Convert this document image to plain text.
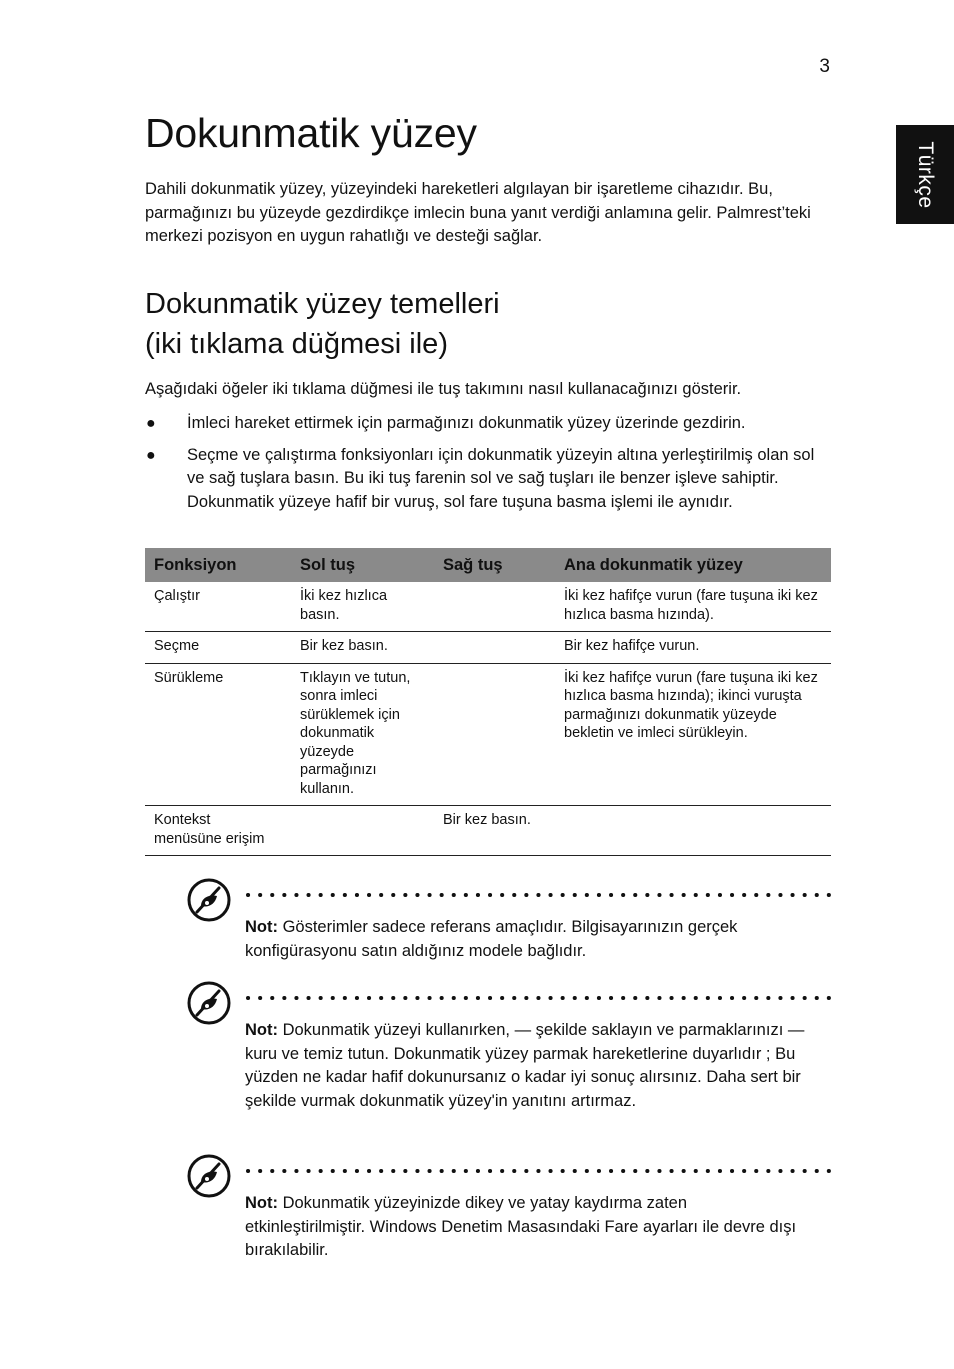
3
Türkçe
Dokunmatik yüzey

Dahili dokunmatik yüzey, yüzeyindeki hareketleri algılayan bir işaretleme cihazıdır. Bu, parmağınızı bu yüzeyde gezdirdikçe imlecin buna yanıt verdiği anlamına gelir. Palmrest’teki merkezi pozisyon en uygun rahatlığı ve desteği sağlar.

Dokunmatik yüzey temelleri
(iki tıklama düğmesi ile)

Aşağıdaki öğeler iki tıklama düğmesi ile tuş takımını nasıl kullanacağınızı gösterir.

● İmleci hareket ettirmek için parmağınızı dokunmatik yüzey üzerinde gezdirin.
● Seçme ve çalıştırma fonksiyonları için dokunmatik yüzeyin altına yerleştirilmiş olan sol ve sağ tuşlara basın. Bu iki tuş farenin sol ve sağ tuşları ile benzer işleve sahiptir. Dokunmatik yüzeye hafif bir vuruş, sol fare tuşuna basma işlemi ile aynıdır.
Fonksiyon	Sol tuş	Sağ tuş	Ana dokunmatik yüzey
Çalıştır	İki kez hızlıca basın.		İki kez hafifçe vurun (fare tuşuna iki kez hızlıca basma hızında).
Seçme	Bir kez basın.		Bir kez hafifçe vurun.
Sürükleme	Tıklayın ve tutun, sonra imleci sürüklemek için dokunmatik yüzeyde parmağınızı kullanın.		İki kez hafifçe vurun (fare tuşuna iki kez hızlıca basma hızında); ikinci vuruşta parmağınızı dokunmatik yüzeyde bekletin ve imleci sürükleyin.
Kontekst menüsüne erişim		Bir kez basın.	

Not: Gösterimler sadece referans amaçlıdır. Bilgisayarınızın gerçek konfigürasyonu satın aldığınız modele bağlıdır.

Not: Dokunmatik yüzeyi kullanırken, — şekilde saklayın ve parmaklarınızı — kuru ve temiz tutun. Dokunmatik yüzey parmak hareketlerine duyarlıdır ; Bu yüzden ne kadar hafif dokunursanız o kadar iyi sonuç alırsınız. Daha sert bir şekilde vurmak dokunmatik yüzey'in yanıtını artırmaz.

Not: Dokunmatik yüzeyinizde dikey ve yatay kaydırma zaten etkinleştirilmiştir. Windows Denetim Masasındaki Fare ayarları ile devre dışı bırakılabilir.
